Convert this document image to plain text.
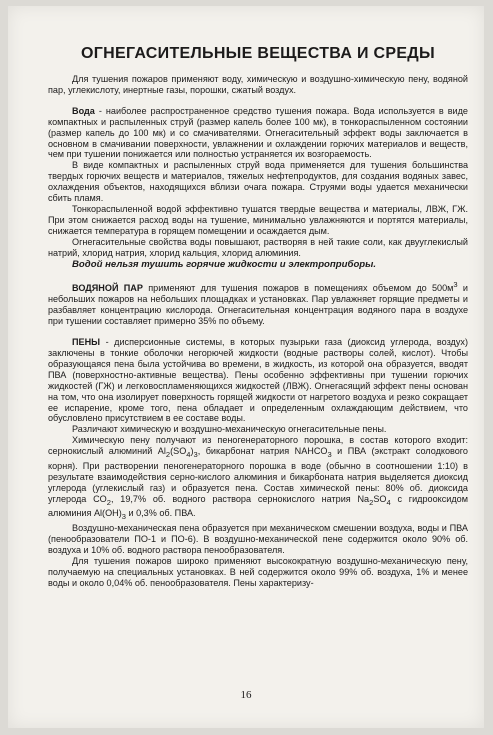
ОГНЕГАСИТЕЛЬНЫЕ ВЕЩЕСТВА И СРЕДЫ

Для тушения пожаров применяют воду, химическую и воздушно-химическую пену, водяной пар, углекислоту, инертные газы, порошки, сжатый воздух.

Вода - наиболее распространенное средство тушения пожара. Вода используется в виде компактных и распыленных струй (размер капель более 100 мк), в тонкораспыленном состоянии (размер капель до 100 мк) и со смачивателями. Огнегасительный эффект воды заключается в основном в смачивании поверхности, увлажнении и охлаждении горючих материалов и веществ, чем при тушении понижается или полностью устраняется их возгораемость.

В виде компактных и распыленных струй вода применяется для тушения большинства твердых горючих веществ и материалов, тяжелых нефтепродуктов, для создания водяных завес, охлаждения объектов, находящихся вблизи очага пожара. Струями воды удается механически сбить пламя.

Тонкораспыленной водой эффективно тушатся твердые вещества и материалы, ЛВЖ, ГЖ. При этом снижается расход воды на тушение, минимально увлажняются и портятся материалы, снижается температура в горящем помещении и осаждается дым.

Огнегасительные свойства воды повышают, растворяя в ней такие соли, как двууглекислый натрий, хлорид натрия, хлорид кальция, хлорид алюминия.

Водой нельзя тушить горячие жидкости и электроприборы.

ВОДЯНОЙ ПАР применяют для тушения пожаров в помещениях объемом до $500м^3$ и небольших пожаров на небольших площадках и установках. Пар увлажняет горящие предметы и разбавляет концентрацию кислорода. Огнегасительная концентрация водяного пара в воздухе при тушении составляет примерно 35% по объему.

ПЕНЫ - дисперсионные системы, в которых пузырьки газа (диоксид углерода, воздух) заключены в тонкие оболочки негорючей жидкости (водные растворы солей, кислот). Чтобы образующаяся пена была устойчива во времени, в жидкость, из которой она образуется, вводят ПВА (поверхностно-активные вещества). Пены особенно эффективны при тушении горючих жидкостей (ГЖ) и легковоспламеняющихся жидкостей (ЛВЖ). Огнегасящий эффект пены основан на том, что она изолирует поверхность горящей жидкости от нагретого воздуха и резко сокращает ее испарение, кроме того, пена обладает и определенным охлаждающим действием, что обусловлено присутствием в ее составе воды.

Различают химическую и воздушно-механическую огнегасительные пены.

Химическую пену получают из пеногенераторного порошка, в состав которого входит: сернокислый алюминий $Al_2(SO_4)_3$, бикарбонат натрия $NAHCO_3$ и ПВА (экстракт солодкового корня). При растворении пеногенераторного порошка в воде (обычно в соотношении 1:10) в результате взаимодействия серно-кислого алюминия и бикарбоната натрия выделяется диоксид углерода (углекислый газ) и образуется пена. Состав химической пены: 80% об. диоксида углерода $CO_2$, 19,7% об. водного раствора сернокислого натрия $Na_2SO_4$ с гидрооксидом алюминия $Al(OH)_3$ и 0,3% об. ПВА.

Воздушно-механическая пена образуется при механическом смешении воздуха, воды и ПВА (пенообразователи ПО-1 и ПО-6). В воздушно-механической пене содержится около 90% об. воздуха и 10% об. водного раствора пенообразователя.

Для тушения пожаров широко применяют высокократную воздушно-механическую пену, получаемую на специальных установках. В ней содержится около 99% об. воздуха, 1% и менее воды и около 0,04% об. пенообразователя. Пены характеризу-

16
